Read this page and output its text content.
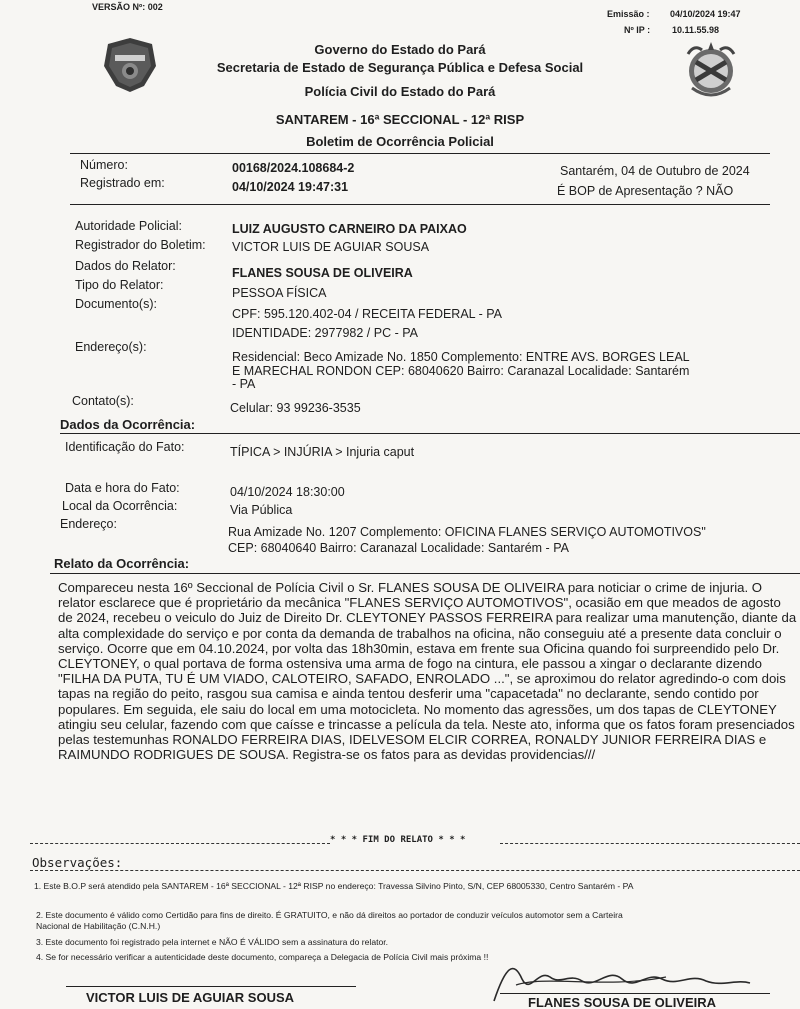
VERSÃO Nº: 002
Emissão : 04/10/2024 19:47
Nº IP : 10.11.55.98
Governo do Estado do Pará
Secretaria de Estado de Segurança Pública e Defesa Social
Polícia Civil do Estado do Pará
SANTAREM - 16ª SECCIONAL - 12ª RISP
Boletim de Ocorrência Policial
Número:	00168/2024.108684-2	Santarém, 04 de Outubro de 2024
Registrado em:	04/10/2024 19:47:31	É BOP de Apresentação ? NÃO
Autoridade Policial:	LUIZ AUGUSTO CARNEIRO DA PAIXAO
Registrador do Boletim: VICTOR LUIS DE AGUIAR SOUSA
Dados do Relator:	FLANES SOUSA DE OLIVEIRA
Tipo do Relator:
PESSOA FÍSICA
Documento(s):
CPF: 595.120.402-04 / RECEITA FEDERAL - PA
IDENTIDADE: 2977982 / PC - PA
Endereço(s):
Residencial: Beco Amizade No. 1850 Complemento: ENTRE AVS. BORGES LEAL
E MARECHAL RONDON CEP: 68040620 Bairro: Caranazal Localidade: Santarém
- PA
Contato(s):	Celular: 93 99236-3535
Dados da Ocorrência:
Identificação do Fato:	TÍPICA > INJÚRIA > Injuria caput
Data e hora do Fato:	04/10/2024 18:30:00
Local da Ocorrência:	Via Pública
Endereço:
Rua Amizade No. 1207 Complemento: OFICINA FLANES SERVIÇO AUTOMOTIVOS"
CEP: 68040640 Bairro: Caranazal Localidade: Santarém - PA
Relato da Ocorrência:
Compareceu nesta 16º Seccional de Polícia Civil o Sr. FLANES SOUSA DE OLIVEIRA para noticiar o crime de injuria. O relator esclarece que é proprietário da mecânica "FLANES SERVIÇO AUTOMOTIVOS", ocasião em que meados de agosto de 2024, recebeu o veiculo do Juiz de Direito Dr. CLEYTONEY PASSOS FERREIRA para realizar uma manutenção, diante da alta complexidade do serviço e por conta da demanda de trabalhos na oficina, não conseguiu até a presente data concluir o serviço. Ocorre que em 04.10.2024, por volta das 18h30min, estava em frente sua Oficina quando foi surpreendido pelo Dr. CLEYTONEY, o qual portava de forma ostensiva uma arma de fogo na cintura, ele passou a xingar o declarante dizendo "FILHA DA PUTA, TU É UM VIADO, CALOTEIRO, SAFADO, ENROLADO ...", se aproximou do relator agredindo-o com dois tapas na região do peito, rasgou sua camisa e ainda tentou desferir uma "capacetada" no declarante, sendo contido por populares. Em seguida, ele saiu do local em uma motocicleta. No momento das agressões, um dos tapas de CLEYTONEY atingiu seu celular, fazendo com que caísse e trincasse a película da tela. Neste ato, informa que os fatos foram presenciados pelas testemunhas RONALDO FERREIRA DIAS, IDELVESOM ELCIR CORREA, RONALDY JUNIOR FERREIRA DIAS e RAIMUNDO RODRIGUES DE SOUSA. Registra-se os fatos para as devidas providencias///
* * * FIM DO RELATO * * *
Observações:
1. Este B.O.P será atendido pela SANTAREM - 16ª SECCIONAL - 12ª RISP no endereço: Travessa Silvino Pinto, S/N, CEP 68005330, Centro Santarém - PA
2. Este documento é válido como Certidão para fins de direito. É GRATUITO, e não dá direitos ao portador de conduzir veículos automotor sem a Carteira
Nacional de Habilitação (C.N.H.)
3. Este documento foi registrado pela internet e NÃO É VÁLIDO sem a assinatura do relator.
4. Se for necessário verificar a autenticidade deste documento, compareça a Delegacia de Polícia Civil mais próxima !!
VICTOR LUIS DE AGUIAR SOUSA	FLANES SOUSA DE OLIVEIRA
